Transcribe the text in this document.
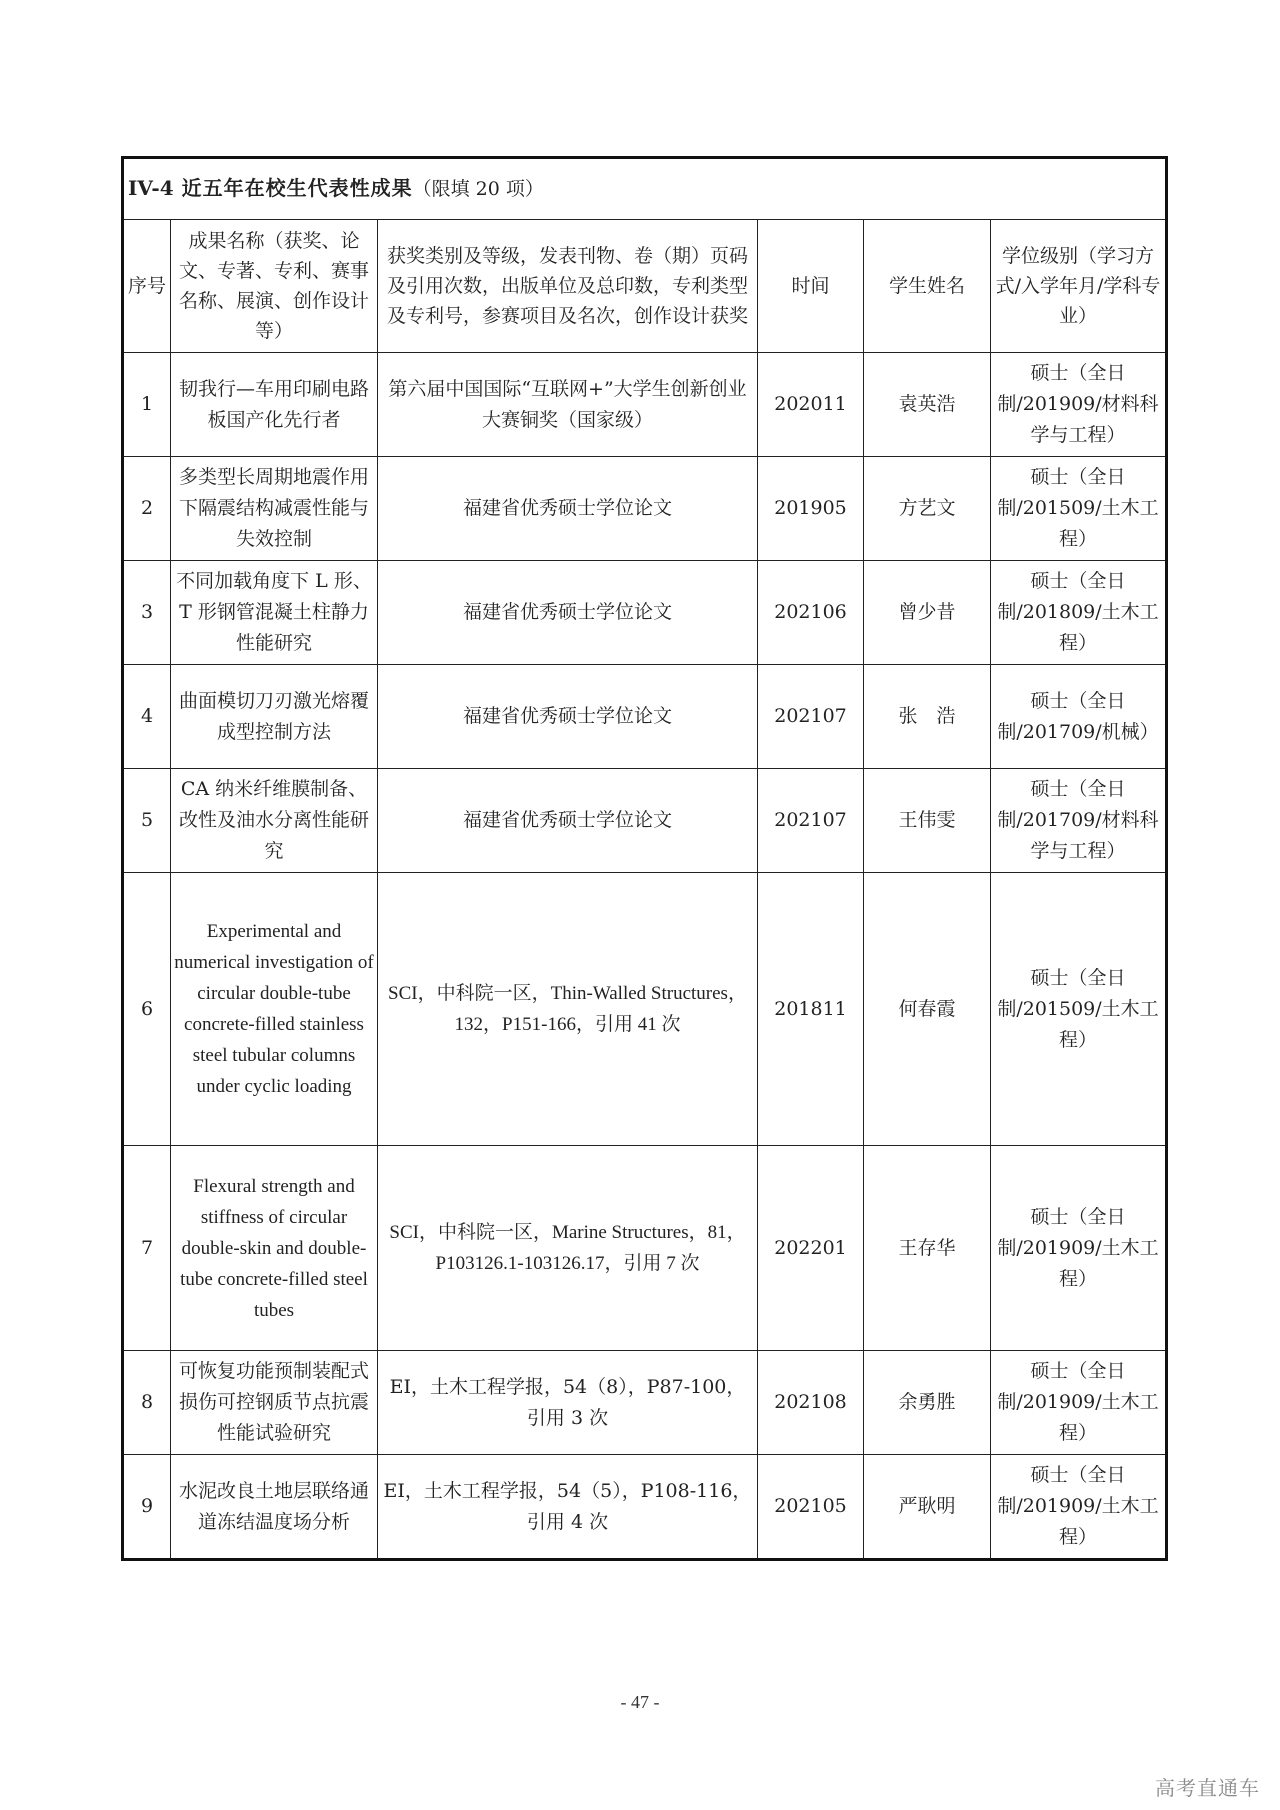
IV-4 近五年在校生代表性成果（限填 20 项）					
序号	成果名称（获奖、论文、专著、专利、赛事名称、展演、创作设计等）	获奖类别及等级，发表刊物、卷（期）页码及引用次数，出版单位及总印数，专利类型及专利号，参赛项目及名次，创作设计获奖	时间	学生姓名	学位级别（学习方式/入学年月/学科专业）
1	韧我行—车用印刷电路板国产化先行者	第六届中国国际“互联网+”大学生创新创业大赛铜奖（国家级）	202011	袁英浩	硕士（全日制/201909/材料科学与工程）
2	多类型长周期地震作用下隔震结构减震性能与失效控制	福建省优秀硕士学位论文	201905	方艺文	硕士（全日制/201509/土木工程）
3	不同加载角度下 L 形、T 形钢管混凝土柱静力性能研究	福建省优秀硕士学位论文	202106	曾少昔	硕士（全日制/201809/土木工程）
4	曲面模切刀刃激光熔覆成型控制方法	福建省优秀硕士学位论文	202107	张　浩	硕士（全日制/201709/机械）
5	CA 纳米纤维膜制备、改性及油水分离性能研究	福建省优秀硕士学位论文	202107	王伟雯	硕士（全日制/201709/材料科学与工程）
6	Experimental and numerical investigation of circular double-tube concrete-filled stainless steel tubular columns under cyclic loading	SCI，中科院一区，Thin-Walled Structures，132，P151-166，引用 41 次	201811	何春霞	硕士（全日制/201509/土木工程）
7	Flexural strength and stiffness of circular double-skin and double-tube concrete-filled steel tubes	SCI，中科院一区，Marine Structures，81，P103126.1-103126.17，引用 7 次	202201	王存华	硕士（全日制/201909/土木工程）
8	可恢复功能预制装配式损伤可控钢质节点抗震性能试验研究	EI，土木工程学报，54（8），P87-100，引用 3 次	202108	余勇胜	硕士（全日制/201909/土木工程）
9	水泥改良土地层联络通道冻结温度场分析	EI，土木工程学报，54（5），P108-116，引用 4 次	202105	严耿明	硕士（全日制/201909/土木工程）
- 47 -
高考直通车
